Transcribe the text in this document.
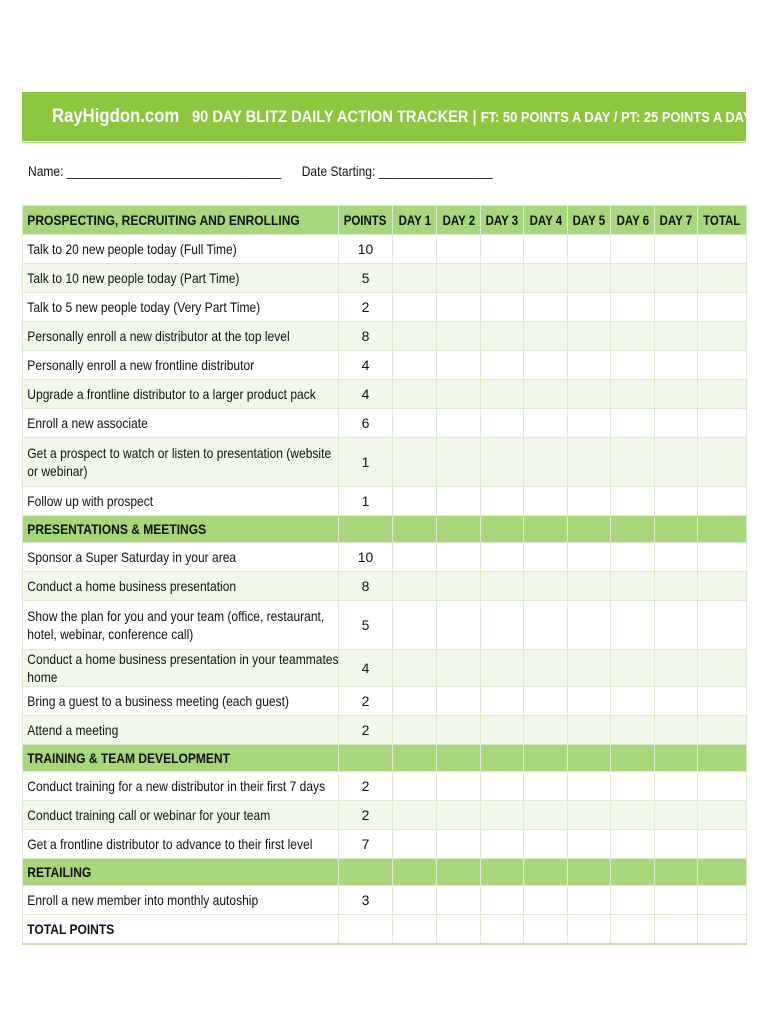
RayHigdon.com 90 DAY BLITZ DAILY ACTION TRACKER | FT: 50 POINTS A DAY / PT: 25 POINTS A DAY
Name: ________________________________ Date Starting: _________________
PROSPECTING, RECRUITING AND ENROLLING	POINTS	DAY 1	DAY 2	DAY 3	DAY 4	DAY 5	DAY 6	DAY 7	TOTAL

Talk to 20 new people today (Full Time)	10								

Talk to 10 new people today (Part Time)	5								

Talk to 5 new people today (Very Part Time)	2								

Personally enroll a new distributor at the top level	8								

Personally enroll a new frontline distributor	4								

Upgrade a frontline distributor to a larger product pack	4								

Enroll a new associate	6								

Get a prospect to watch or listen to presentation (website or webinar)	1								

Follow up with prospect	1								

PRESENTATIONS & MEETINGS									

Sponsor a Super Saturday in your area	10								

Conduct a home business presentation	8								

Show the plan for you and your team (office, restaurant, hotel, webinar, conference call)	5								

Conduct a home business presentation in your teammates home	4								

Bring a guest to a business meeting (each guest)	2								

Attend a meeting	2								

TRAINING & TEAM DEVELOPMENT									

Conduct training for a new distributor in their first 7 days	2								

Conduct training call or webinar for your team	2								

Get a frontline distributor to advance to their first level	7								

RETAILING									

Enroll a new member into monthly autoship	3								

TOTAL POINTS									
